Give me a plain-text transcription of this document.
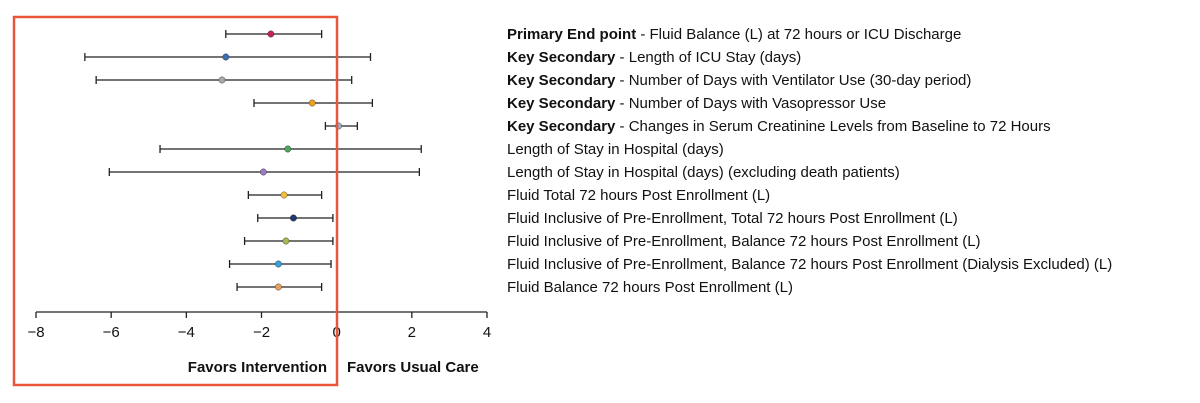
Primary End point - Fluid Balance (L) at 72 hours or ICU Discharge
Key Secondary - Length of ICU Stay (days)
Key Secondary - Number of Days with Ventilator Use (30-day period)
Key Secondary - Number of Days with Vasopressor Use
Key Secondary - Changes in Serum Creatinine Levels from Baseline to 72 Hours
Length of Stay in Hospital (days)
Length of Stay in Hospital (days) (excluding death patients)
Fluid Total 72 hours Post Enrollment (L)
Fluid Inclusive of Pre-Enrollment, Total 72 hours Post Enrollment (L)
Fluid Inclusive of Pre-Enrollment, Balance 72 hours Post Enrollment (L)
Fluid Inclusive of Pre-Enrollment, Balance 72 hours Post Enrollment (Dialysis Excluded) (L)
Fluid Balance 72 hours Post Enrollment (L)
−8	−6	−4	−2	0	2	4
Favors Intervention Favors Usual Care
